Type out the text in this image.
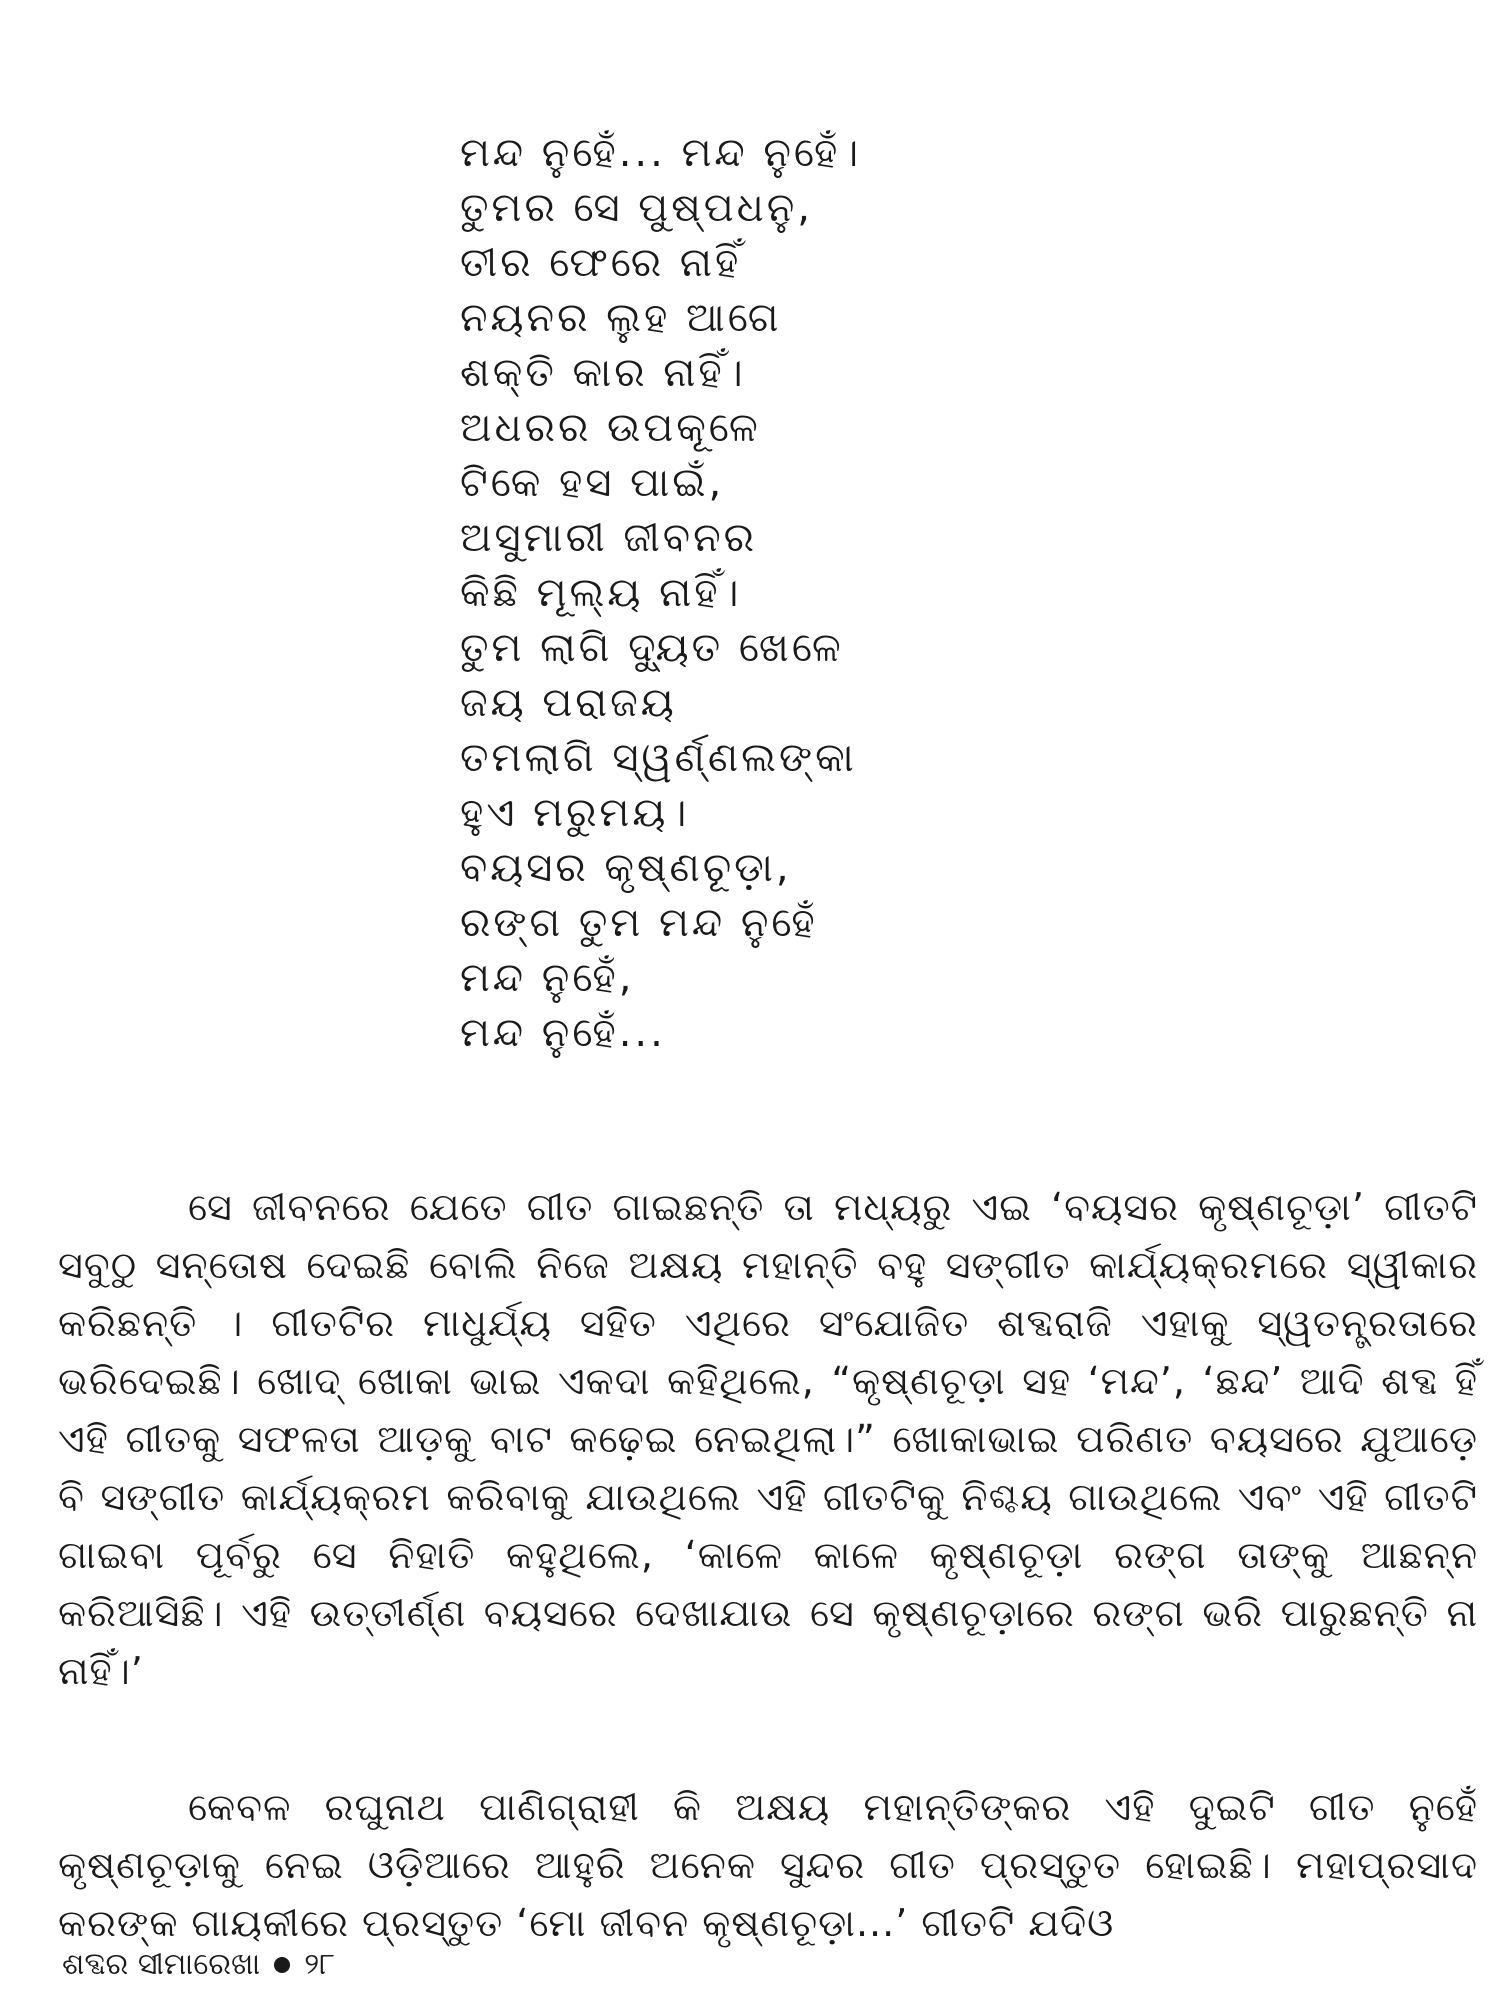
ମନ୍ଦ ନୁହେଁ... ମନ୍ଦ ନୁହେଁ।
ତୁମର ସେ ପୁଷ୍ପଧନୁ,
ତୀର ଫେରେ ନାହିଁ
ନୟନର ଲୁହ ଆଗେ
ଶକ୍ତି କାର ନାହିଁ।
ଅଧରର ଉପକୂଳେ
ଟିକେ ହସ ପାଇଁ,
ଅସୁମାରୀ ଜୀବନର
କିଛି ମୂଲ୍ୟ ନାହିଁ।
ତୁମ ଲାଗି ଦ୍ୟୁତ ଖେଳେ
ଜୟ ପରାଜୟ
ତମଲାଗି ସ୍ୱର୍ଣ୍ଣଲଙ୍କା
ହୁଏ ମରୁମୟ।
ବୟସର କୃଷ୍ଣଚୂଡ଼ା,
ରଙ୍ଗ ତୁମ ମନ୍ଦ ନୁହେଁ
ମନ୍ଦ ନୁହେଁ,
ମନ୍ଦ ନୁହେଁ...

ସେ ଜୀବନରେ ଯେତେ ଗୀତ ଗାଇଛନ୍ତି ତା ମଧ୍ୟରୁ ଏଇ ‘ବୟସର କୃଷ୍ଣଚୂଡ଼ା’ ଗୀତଟି ସବୁଠୁ ସନ୍ତୋଷ ଦେଇଛି ବୋଲି ନିଜେ ଅକ୍ଷୟ ମହାନ୍ତି ବହୁ ସଙ୍ଗୀତ କାର୍ଯ୍ୟକ୍ରମରେ ସ୍ୱୀକାର କରିଛନ୍ତି । ଗୀତଟିର ମାଧୁର୍ଯ୍ୟ ସହିତ ଏଥିରେ ସଂଯୋଜିତ ଶବ୍ଦରାଜି ଏହାକୁ ସ୍ୱତନ୍ତ୍ରତାରେ ଭରିଦେଇଛି। ଖୋଦ୍ ଖୋକା ଭାଇ ଏକଦା କହିଥିଲେ, “କୃଷ୍ଣଚୂଡ଼ା ସହ ‘ମନ୍ଦ’, ‘ଛନ୍ଦ’ ଆଦି ଶବ୍ଦ ହିଁ ଏହି ଗୀତକୁ ସଫଳତା ଆଡ଼କୁ ବାଟ କଢ଼େଇ ନେଇଥିଲା।” ଖୋକାଭାଇ ପରିଣତ ବୟସରେ ଯୁଆଡ଼େ ବି ସଙ୍ଗୀତ କାର୍ଯ୍ୟକ୍ରମ କରିବାକୁ ଯାଉଥିଲେ ଏହି ଗୀତଟିକୁ ନିଶ୍ଚୟ ଗାଉଥିଲେ ଏବଂ ଏହି ଗୀତଟି ଗାଇବା ପୂର୍ବରୁ ସେ ନିହାତି କହୁଥିଲେ, ‘କାଳେ କାଳେ କୃଷ୍ଣଚୂଡ଼ା ରଙ୍ଗ ତାଙ୍କୁ ଆଛନ୍ନ କରିଆସିଛି। ଏହି ଉତ୍ତୀର୍ଣ୍ଣ ବୟସରେ ଦେଖାଯାଉ ସେ କୃଷ୍ଣଚୂଡ଼ାରେ ରଙ୍ଗ ଭରି ପାରୁଛନ୍ତି ନା ନାହିଁ।’

କେବଳ ରଘୁନାଥ ପାଣିଗ୍ରାହୀ କି ଅକ୍ଷୟ ମହାନ୍ତିଙ୍କର ଏହି ଦୁଇଟି ଗୀତ ନୁହେଁ କୃଷ୍ଣଚୂଡ଼ାକୁ ନେଇ ଓଡ଼ିଆରେ ଆହୁରି ଅନେକ ସୁନ୍ଦର ଗୀତ ପ୍ରସ୍ତୁତ ହୋଇଛି। ମହାପ୍ରସାଦ କରଙ୍କ ଗାୟକୀରେ ପ୍ରସ୍ତୁତ ‘ମୋ ଜୀବନ କୃଷ୍ଣଚୂଡ଼ା...’ ଗୀତଟି ଯଦିଓ

ଶବ୍ଦର ସୀମାରେଖା ୨୮
